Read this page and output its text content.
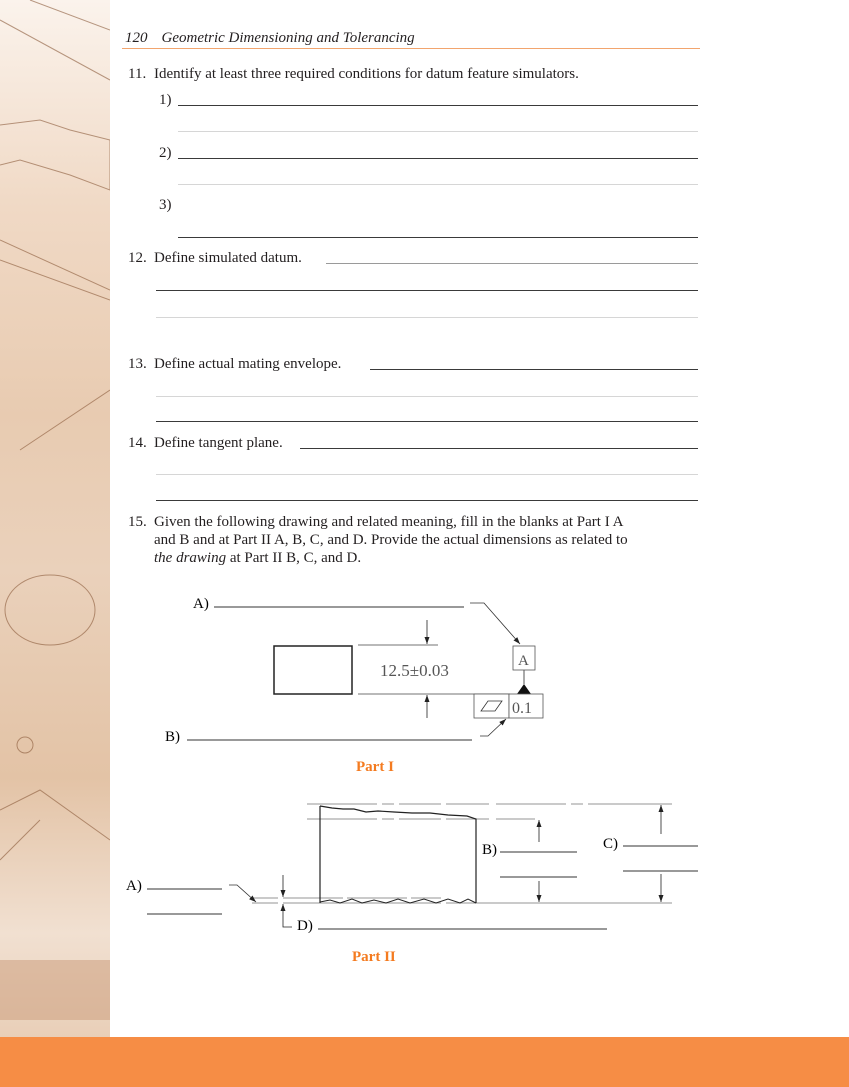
120 Geometric Dimensioning and Tolerancing
11. Identify at least three required conditions for datum feature simulators.
1)
2)
3)
12. Define simulated datum.
13. Define actual mating envelope.
14. Define tangent plane.
15. Given the following drawing and related meaning, fill in the blanks at Part I A
and B and at Part II A, B, C, and D. Provide the actual dimensions as related to
the drawing at Part II B, C, and D.
A)
12.5±0.03	A
0.1
B)
Part I
B)	C)
A)
D)
Part II
